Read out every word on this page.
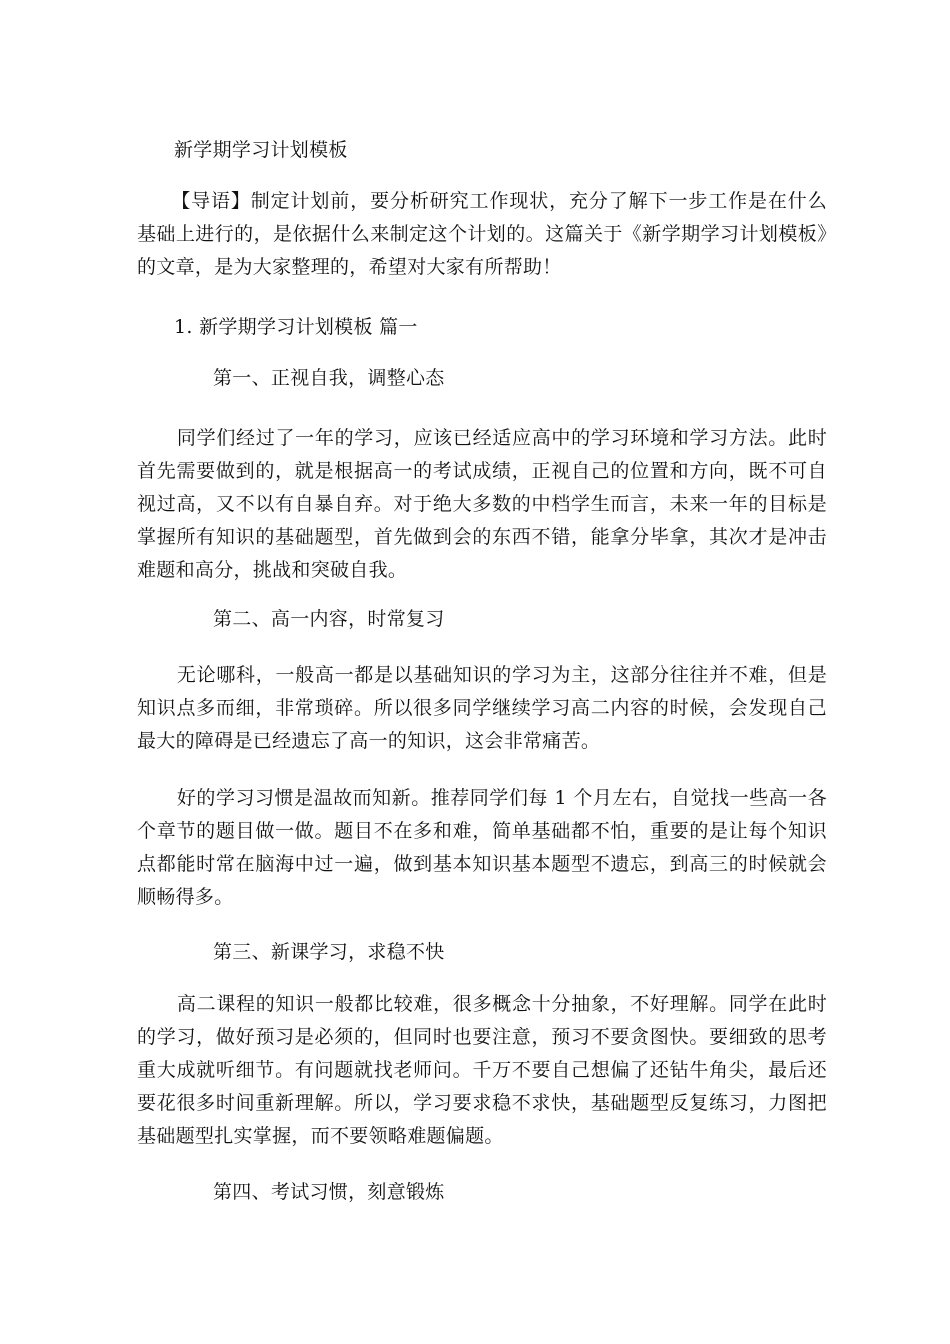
新学期学习计划模板
【导语】制定计划前，要分析研究工作现状，充分了解下一步工作是在什么基础上进行的，是依据什么来制定这个计划的。这篇关于《新学期学习计划模板》的文章，是为大家整理的，希望对大家有所帮助！
1. 新学期学习计划模板 篇一
第一、正视自我，调整心态
同学们经过了一年的学习，应该已经适应高中的学习环境和学习方法。此时首先需要做到的，就是根据高一的考试成绩，正视自己的位置和方向，既不可自视过高，又不以有自暴自弃。对于绝大多数的中档学生而言，未来一年的目标是掌握所有知识的基础题型，首先做到会的东西不错，能拿分毕拿，其次才是冲击难题和高分，挑战和突破自我。
第二、高一内容，时常复习
无论哪科，一般高一都是以基础知识的学习为主，这部分往往并不难，但是知识点多而细，非常琐碎。所以很多同学继续学习高二内容的时候，会发现自己最大的障碍是已经遗忘了高一的知识，这会非常痛苦。
好的学习习惯是温故而知新。推荐同学们每 1 个月左右，自觉找一些高一各个章节的题目做一做。题目不在多和难，简单基础都不怕，重要的是让每个知识点都能时常在脑海中过一遍，做到基本知识基本题型不遗忘，到高三的时候就会顺畅得多。
第三、新课学习，求稳不快
高二课程的知识一般都比较难，很多概念十分抽象，不好理解。同学在此时的学习，做好预习是必须的，但同时也要注意，预习不要贪图快。要细致的思考重大成就听细节。有问题就找老师问。千万不要自己想偏了还钻牛角尖，最后还要花很多时间重新理解。所以，学习要求稳不求快，基础题型反复练习，力图把基础题型扎实掌握，而不要领略难题偏题。
第四、考试习惯，刻意锻炼
